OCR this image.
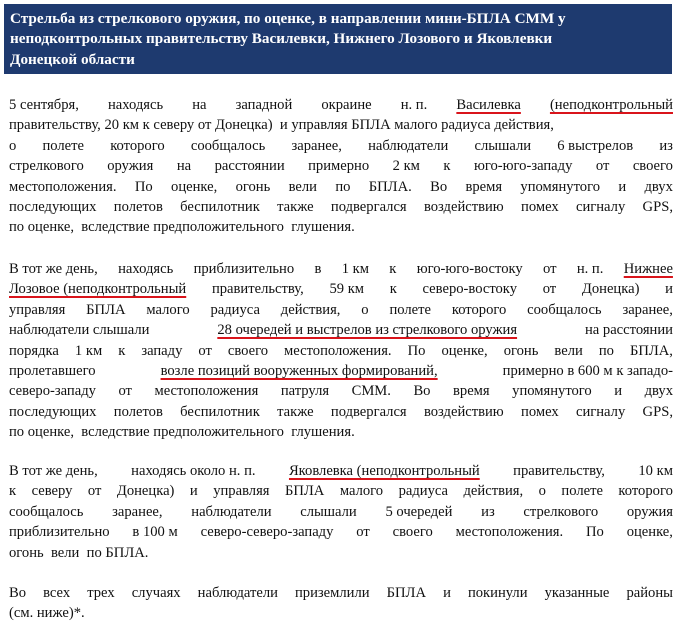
Стрельба из стрелкового оружия, по оценке, в направлении мини-БПЛА СММ у
неподконтрольных правительству Василевки, Нижнего Лозового и Яковлевки
Донецкой области
5 сентября, находясь на западной окраине н. п. Василевка (неподконтрольный
правительству, 20 км к северу от Донецка)  и управляя БПЛА малого радиуса действия,
о полете которого сообщалось заранее, наблюдатели слышали 6 выстрелов из
стрелкового оружия на расстоянии примерно 2 км к юго-юго-западу от своего
местоположения. По оценке, огонь вели по БПЛА. Во время упомянутого и двух
последующих полетов беспилотник также подвергался воздействию помех сигналу GPS,
по оценке,  вследствие предположительного  глушения.
В тот же день, находясь приблизительно в 1 км к юго-юго-востоку от н. п. Нижнее
Лозовое (неподконтрольный правительству, 59 км к северо-востоку от Донецка) и
управляя БПЛА малого радиуса действия, о полете которого сообщалось заранее,
наблюдатели слышали	28 очередей и выстрелов из стрелкового оружия	на расстоянии
порядка 1 км к западу от своего местоположения. По оценке, огонь вели по БПЛА,
пролетавшего	возле позиций вооруженных формирований,	примерно в 600 м к западо-
северо-западу от местоположения патруля СММ. Во время упомянутого и двух
последующих полетов беспилотник также подвергался воздействию помех сигналу GPS,
по оценке,  вследствие предположительного  глушения.
В тот же день, находясь около н. п. Яковлевка (неподконтрольный правительству, 10 км
к северу от Донецка) и управляя БПЛА малого радиуса действия, о полете которого
сообщалось заранее, наблюдатели слышали 5 очередей из стрелкового оружия
приблизительно в 100 м северо-северо-западу от своего местоположения. По оценке,
огонь  вели  по БПЛА.
Во всех трех случаях наблюдатели приземлили БПЛА и покинули указанные районы
(см. ниже)*.
